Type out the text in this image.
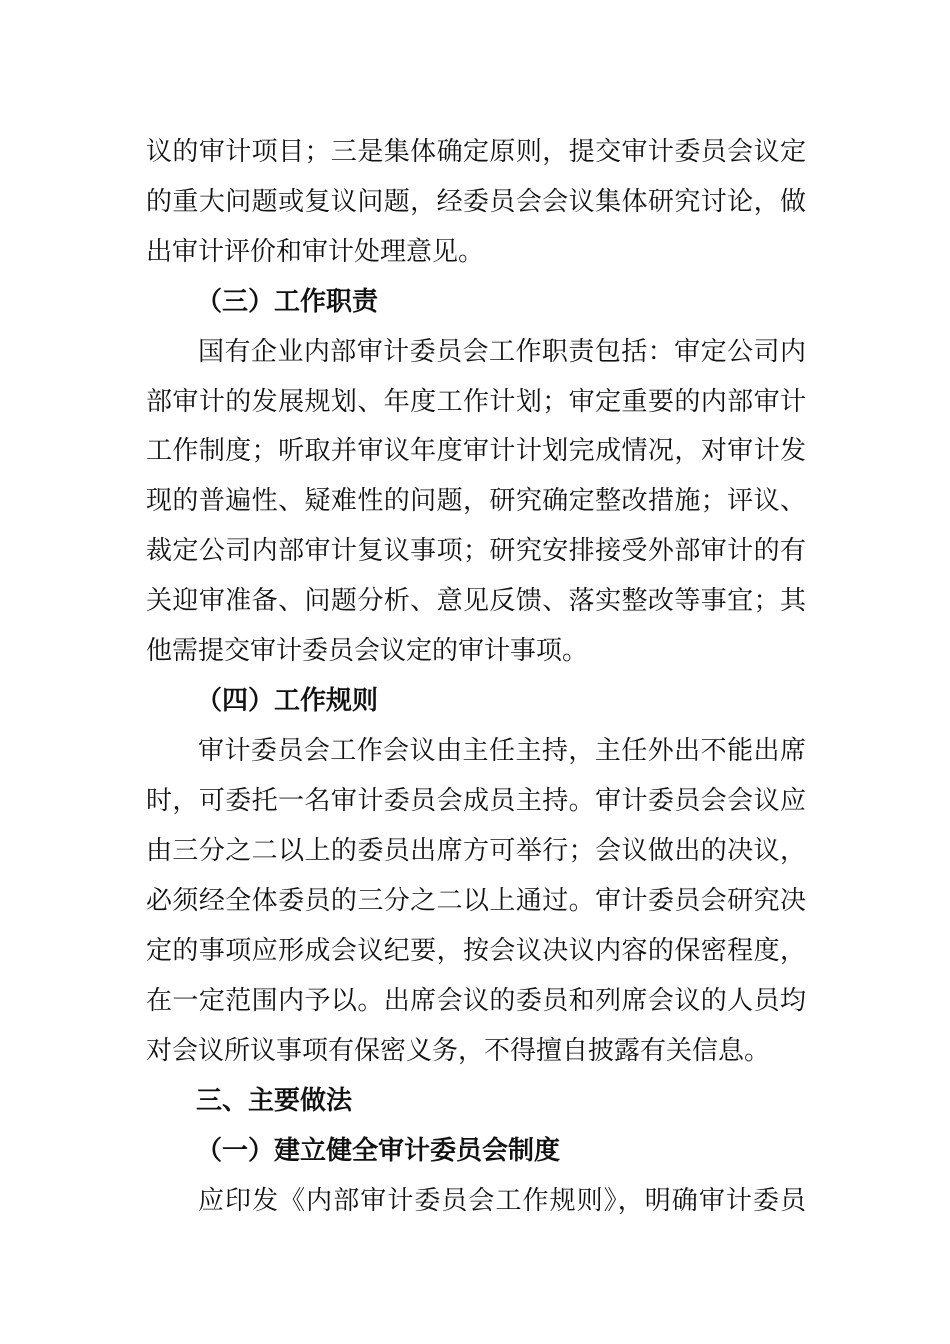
议的审计项目；三是集体确定原则，提交审计委员会议定
的重大问题或复议问题，经委员会会议集体研究讨论，做
出审计评价和审计处理意见。
（三）工作职责
国有企业内部审计委员会工作职责包括：审定公司内
部审计的发展规划、年度工作计划；审定重要的内部审计
工作制度；听取并审议年度审计计划完成情况，对审计发
现的普遍性、疑难性的问题，研究确定整改措施；评议、
裁定公司内部审计复议事项；研究安排接受外部审计的有
关迎审准备、问题分析、意见反馈、落实整改等事宜；其
他需提交审计委员会议定的审计事项。
（四）工作规则
审计委员会工作会议由主任主持，主任外出不能出席
时，可委托一名审计委员会成员主持。审计委员会会议应
由三分之二以上的委员出席方可举行；会议做出的决议，
必须经全体委员的三分之二以上通过。审计委员会研究决
定的事项应形成会议纪要，按会议决议内容的保密程度，
在一定范围内予以。出席会议的委员和列席会议的人员均
对会议所议事项有保密义务，不得擅自披露有关信息。
三、主要做法
（一）建立健全审计委员会制度
应印发《内部审计委员会工作规则》，明确审计委员
